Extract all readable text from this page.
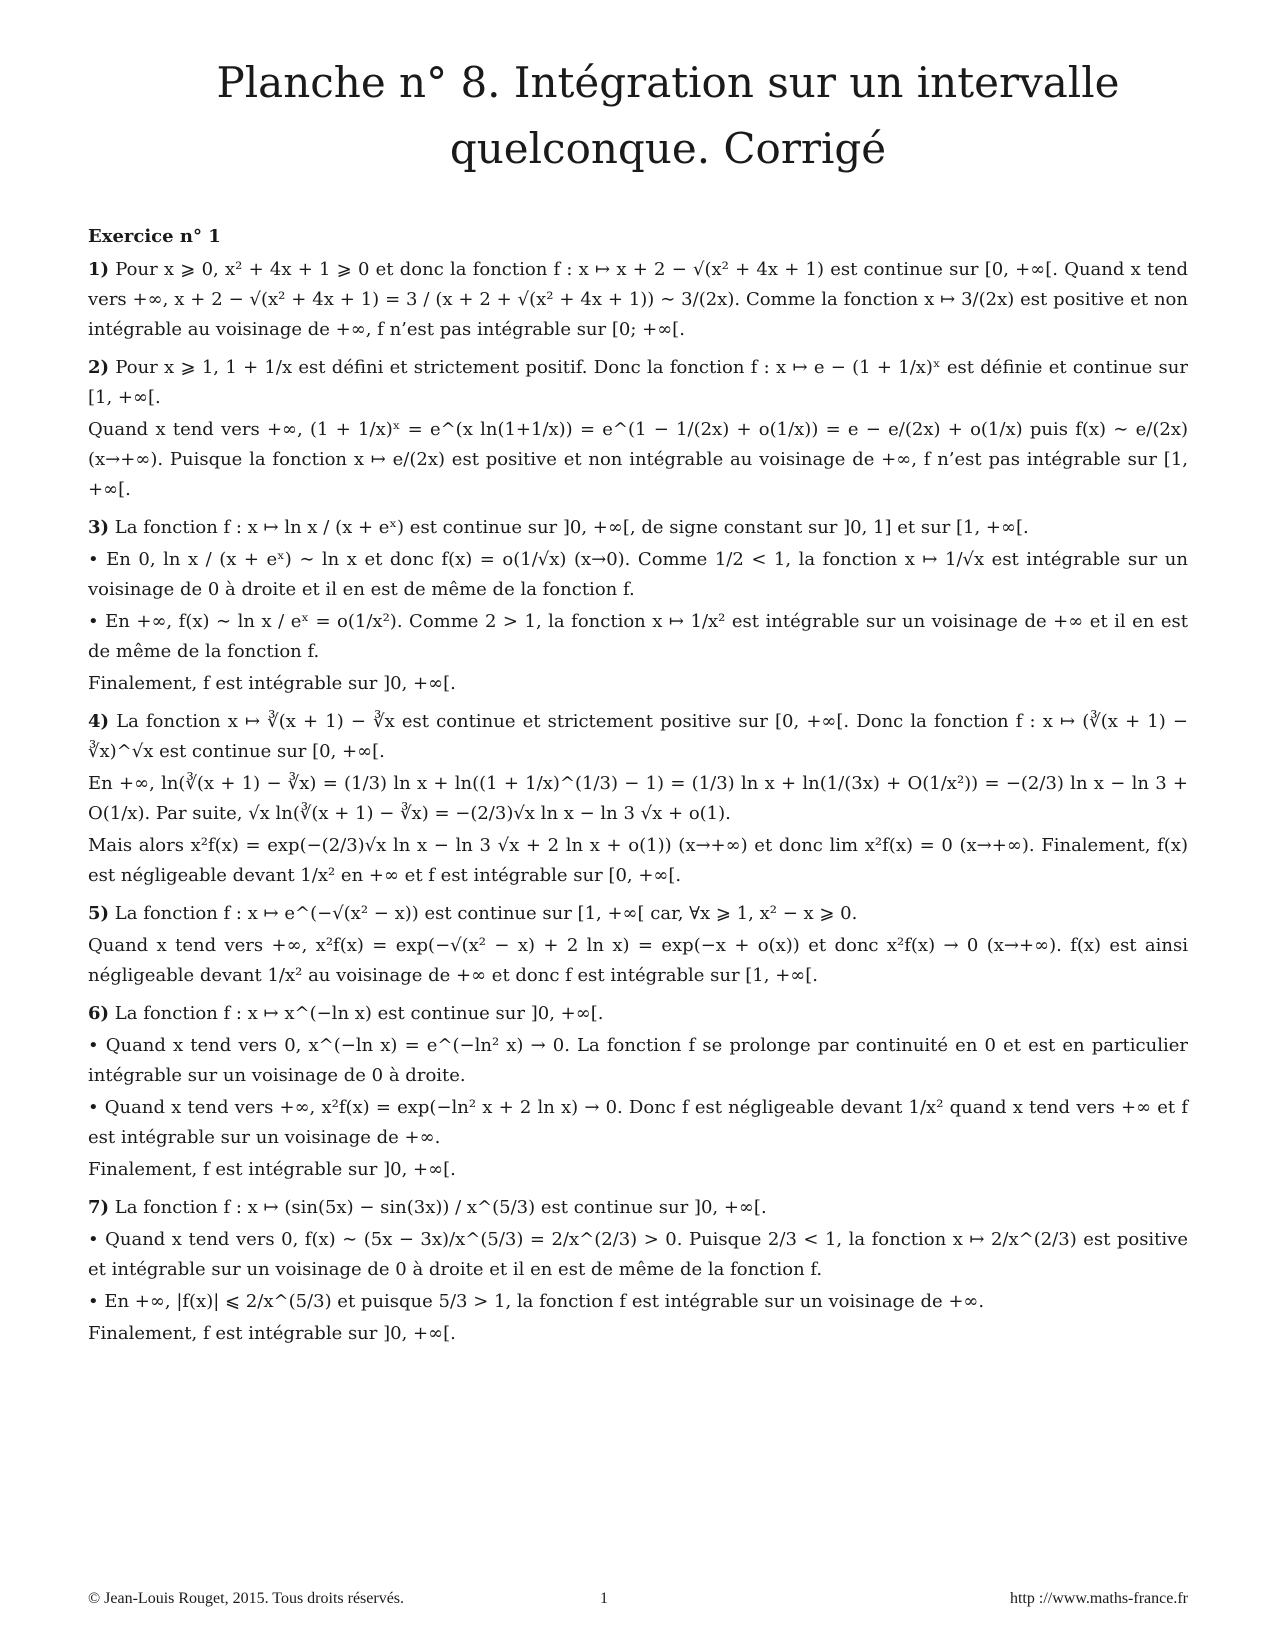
Planche n° 8. Intégration sur un intervalle
quelconque. Corrigé
Exercice n° 1
1) Pour x ⩾ 0, x² + 4x + 1 ⩾ 0 et donc la fonction f : x ↦ x + 2 − √(x² + 4x + 1) est continue sur [0, +∞[. Quand x tend vers +∞, x + 2 − √(x² + 4x + 1) = 3 / (x + 2 + √(x² + 4x + 1)) ∼ 3/(2x). Comme la fonction x ↦ 3/(2x) est positive et non intégrable au voisinage de +∞, f n’est pas intégrable sur [0; +∞[.
2) Pour x ⩾ 1, 1 + 1/x est défini et strictement positif. Donc la fonction f : x ↦ e − (1 + 1/x)ˣ est définie et continue sur [1, +∞[.
Quand x tend vers +∞, (1 + 1/x)ˣ = e^(x ln(1+1/x)) = e^(1 − 1/(2x) + o(1/x)) = e − e/(2x) + o(1/x) puis f(x) ∼ e/(2x) (x→+∞). Puisque la fonction x ↦ e/(2x) est positive et non intégrable au voisinage de +∞, f n’est pas intégrable sur [1, +∞[.
3) La fonction f : x ↦ ln x / (x + eˣ) est continue sur ]0, +∞[, de signe constant sur ]0, 1] et sur [1, +∞[.
• En 0, ln x / (x + eˣ) ∼ ln x et donc f(x) = o(1/√x) (x→0). Comme 1/2 < 1, la fonction x ↦ 1/√x est intégrable sur un voisinage de 0 à droite et il en est de même de la fonction f.
• En +∞, f(x) ∼ ln x / eˣ = o(1/x²). Comme 2 > 1, la fonction x ↦ 1/x² est intégrable sur un voisinage de +∞ et il en est de même de la fonction f.
Finalement, f est intégrable sur ]0, +∞[.
4) La fonction x ↦ ∛(x + 1) − ∛x est continue et strictement positive sur [0, +∞[. Donc la fonction f : x ↦ (∛(x + 1) − ∛x)^√x est continue sur [0, +∞[.
En +∞, ln(∛(x + 1) − ∛x) = (1/3) ln x + ln((1 + 1/x)^(1/3) − 1) = (1/3) ln x + ln(1/(3x) + O(1/x²)) = −(2/3) ln x − ln 3 + O(1/x). Par suite, √x ln(∛(x + 1) − ∛x) = −(2/3)√x ln x − ln 3 √x + o(1).
Mais alors x²f(x) = exp(−(2/3)√x ln x − ln 3 √x + 2 ln x + o(1)) (x→+∞) et donc lim x²f(x) = 0 (x→+∞). Finalement, f(x) est négligeable devant 1/x² en +∞ et f est intégrable sur [0, +∞[.
5) La fonction f : x ↦ e^(−√(x² − x)) est continue sur [1, +∞[ car, ∀x ⩾ 1, x² − x ⩾ 0.
Quand x tend vers +∞, x²f(x) = exp(−√(x² − x) + 2 ln x) = exp(−x + o(x)) et donc x²f(x) → 0 (x→+∞). f(x) est ainsi négligeable devant 1/x² au voisinage de +∞ et donc f est intégrable sur [1, +∞[.
6) La fonction f : x ↦ x^(−ln x) est continue sur ]0, +∞[.
• Quand x tend vers 0, x^(−ln x) = e^(−ln² x) → 0. La fonction f se prolonge par continuité en 0 et est en particulier intégrable sur un voisinage de 0 à droite.
• Quand x tend vers +∞, x²f(x) = exp(−ln² x + 2 ln x) → 0. Donc f est négligeable devant 1/x² quand x tend vers +∞ et f est intégrable sur un voisinage de +∞.
Finalement, f est intégrable sur ]0, +∞[.
7) La fonction f : x ↦ (sin(5x) − sin(3x)) / x^(5/3) est continue sur ]0, +∞[.
• Quand x tend vers 0, f(x) ∼ (5x − 3x)/x^(5/3) = 2/x^(2/3) > 0. Puisque 2/3 < 1, la fonction x ↦ 2/x^(2/3) est positive et intégrable sur un voisinage de 0 à droite et il en est de même de la fonction f.
• En +∞, |f(x)| ⩽ 2/x^(5/3) et puisque 5/3 > 1, la fonction f est intégrable sur un voisinage de +∞.
Finalement, f est intégrable sur ]0, +∞[.
© Jean-Louis Rouget, 2015. Tous droits réservés.	1	http ://www.maths-france.fr
